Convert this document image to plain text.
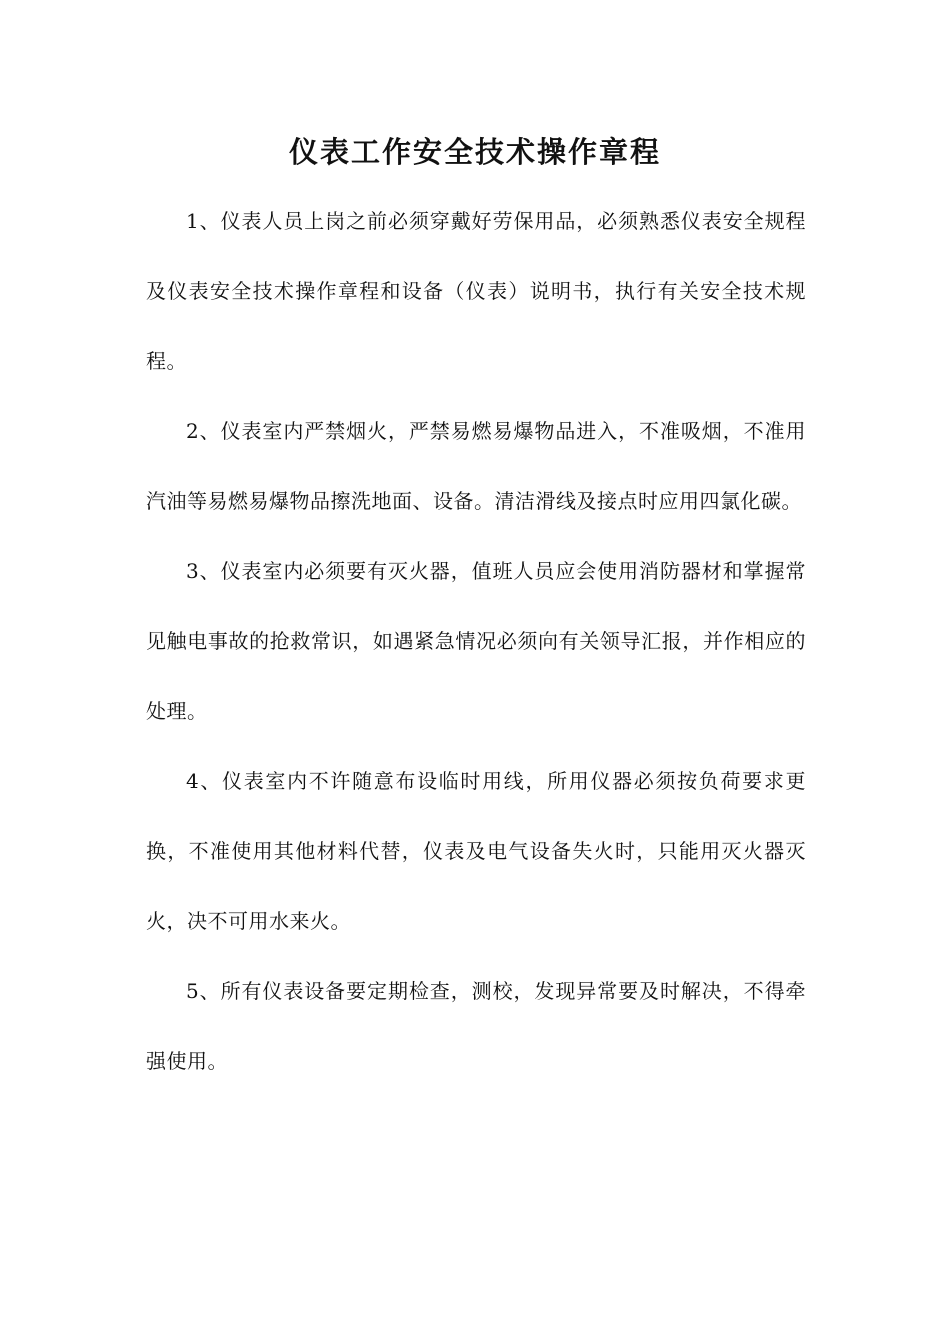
仪表工作安全技术操作章程

1、仪表人员上岗之前必须穿戴好劳保用品，必须熟悉仪表安全规程及仪表安全技术操作章程和设备（仪表）说明书，执行有关安全技术规程。

2、仪表室内严禁烟火，严禁易燃易爆物品进入，不准吸烟，不准用汽油等易燃易爆物品擦洗地面、设备。清洁滑线及接点时应用四氯化碳。

3、仪表室内必须要有灭火器，值班人员应会使用消防器材和掌握常见触电事故的抢救常识，如遇紧急情况必须向有关领导汇报，并作相应的处理。

4、仪表室内不许随意布设临时用线，所用仪器必须按负荷要求更换，不准使用其他材料代替，仪表及电气设备失火时，只能用灭火器灭火，决不可用水来火。

5、所有仪表设备要定期检查，测校，发现异常要及时解决，不得牵强使用。
